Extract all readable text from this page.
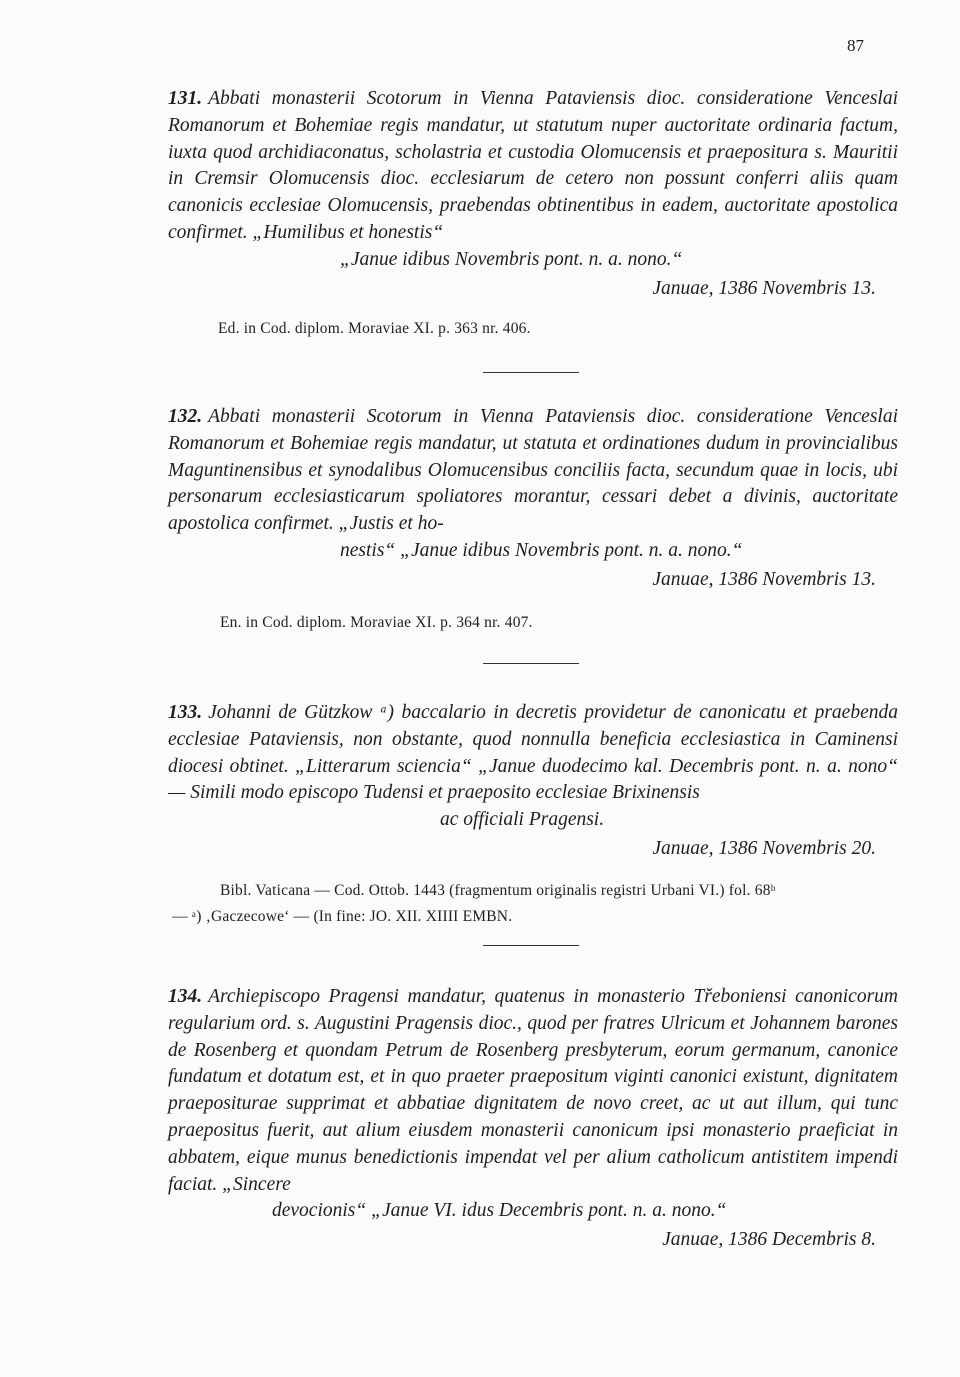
87

131. Abbati monasterii Scotorum in Vienna Pataviensis dioc. consideratione Venceslai Romanorum et Bohemiae regis mandatur, ut statutum nuper auctoritate ordinaria factum, iuxta quod archidiaconatus, scholastria et custodia Olomucensis et praepositura s. Mauritii in Cremsir Olomucensis dioc. ecclesiarum de cetero non possunt conferri aliis quam canonicis ecclesiae Olomucensis, praebendas obtinentibus in eadem, auctoritate apostolica confirmet. „Humilibus et honestis“
„Janue idibus Novembris pont. n. a. nono.“

Januae, 1386 Novembris 13.
Ed. in Cod. diplom. Moraviae XI. p. 363 nr. 406.

132. Abbati monasterii Scotorum in Vienna Pataviensis dioc. consideratione Venceslai Romanorum et Bohemiae regis mandatur, ut statuta et ordinationes dudum in provincialibus Maguntinensibus et synodalibus Olomucensibus conciliis facta, secundum quae in locis, ubi personarum ecclesiasticarum spoliatores morantur, cessari debet a divinis, auctoritate apostolica confirmet. „Justis et ho-
nestis“ „Janue idibus Novembris pont. n. a. nono.“

Januae, 1386 Novembris 13.
En. in Cod. diplom. Moraviae XI. p. 364 nr. 407.

133. Johanni de Gützkow ᵃ) baccalario in decretis providetur de canonicatu et praebenda ecclesiae Pataviensis, non obstante, quod nonnulla beneficia ecclesiastica in Caminensi diocesi obtinet. „Litterarum sciencia“ „Janue duodecimo kal. Decembris pont. n. a. nono“ — Simili modo episcopo Tudensi et praeposito ecclesiae Brixinensis
ac officiali Pragensi.

Januae, 1386 Novembris 20.
Bibl. Vaticana — Cod. Ottob. 1443 (fragmentum originalis registri Urbani VI.) fol. 68ᵇ
— ᵃ) ‚Gaczecowe‘ — (In fine: JO. XII. XIIII EMBN.

134. Archiepiscopo Pragensi mandatur, quatenus in monasterio Třeboniensi canonicorum regularium ord. s. Augustini Pragensis dioc., quod per fratres Ulricum et Johannem barones de Rosenberg et quondam Petrum de Rosenberg presbyterum, eorum germanum, canonice fundatum et dotatum est, et in quo praeter praepositum viginti canonici existunt, dignitatem praepositurae supprimat et abbatiae dignitatem de novo creet, ac ut aut illum, qui tunc praepositus fuerit, aut alium eiusdem monasterii canonicum ipsi monasterio praeficiat in abbatem, eique munus benedictionis impendat vel per alium catholicum antistitem impendi faciat. „Sincere
devocionis“ „Janue VI. idus Decembris pont. n. a. nono.“

Januae, 1386 Decembris 8.
